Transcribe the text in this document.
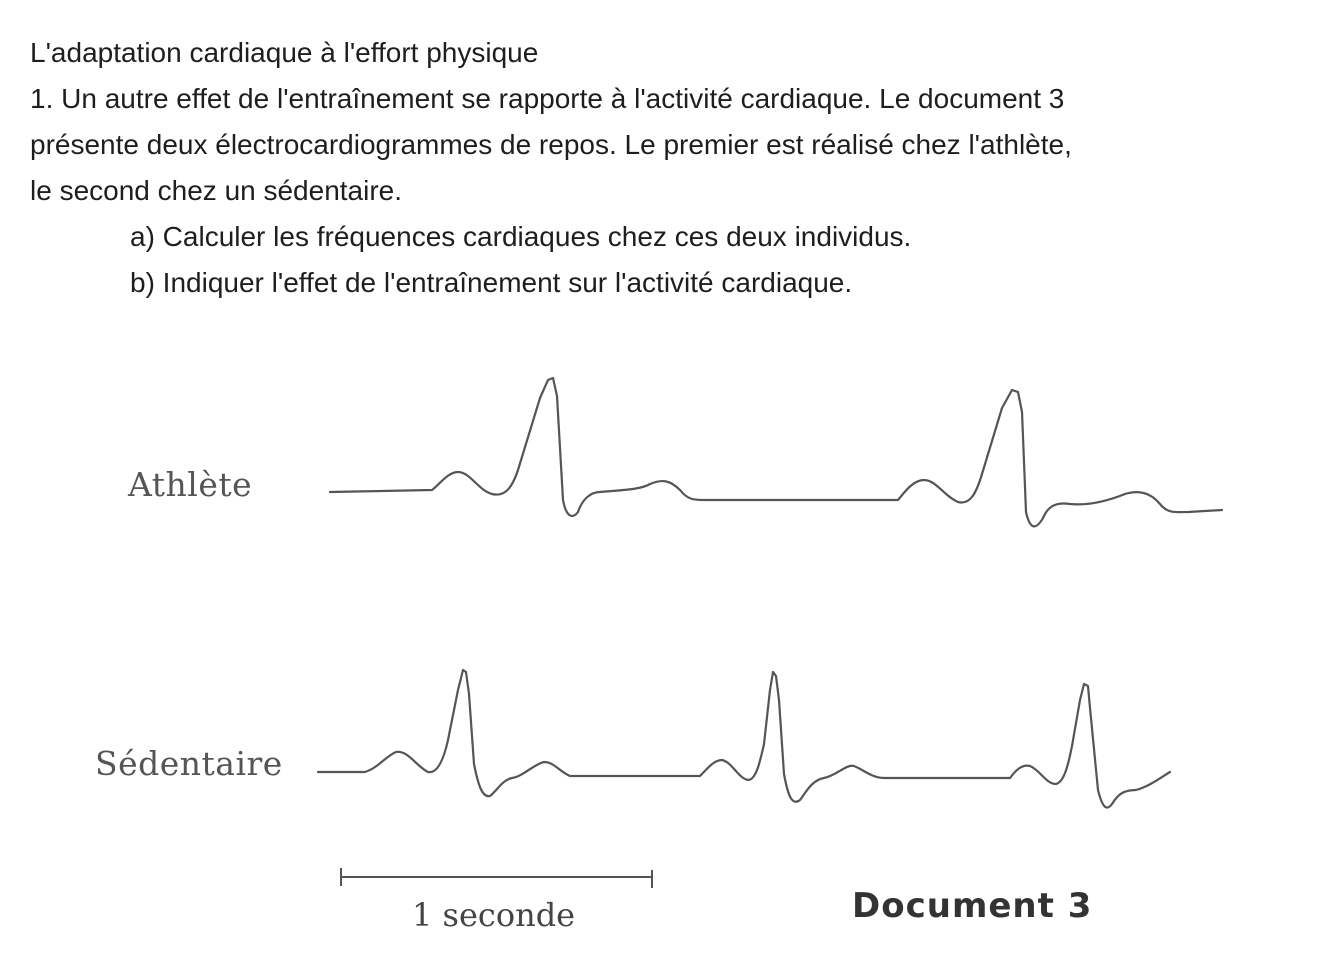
L'adaptation cardiaque à l'effort physique
1. Un autre effet de l'entraînement se rapporte à l'activité cardiaque. Le document 3
présente deux électrocardiogrammes de repos. Le premier est réalisé chez l'athlète,
le second chez un sédentaire.
a) Calculer les fréquences cardiaques chez ces deux individus.
b) Indiquer l'effet de l'entraînement sur l'activité cardiaque.
Athlète
Sédentaire
1 seconde	Document 3
